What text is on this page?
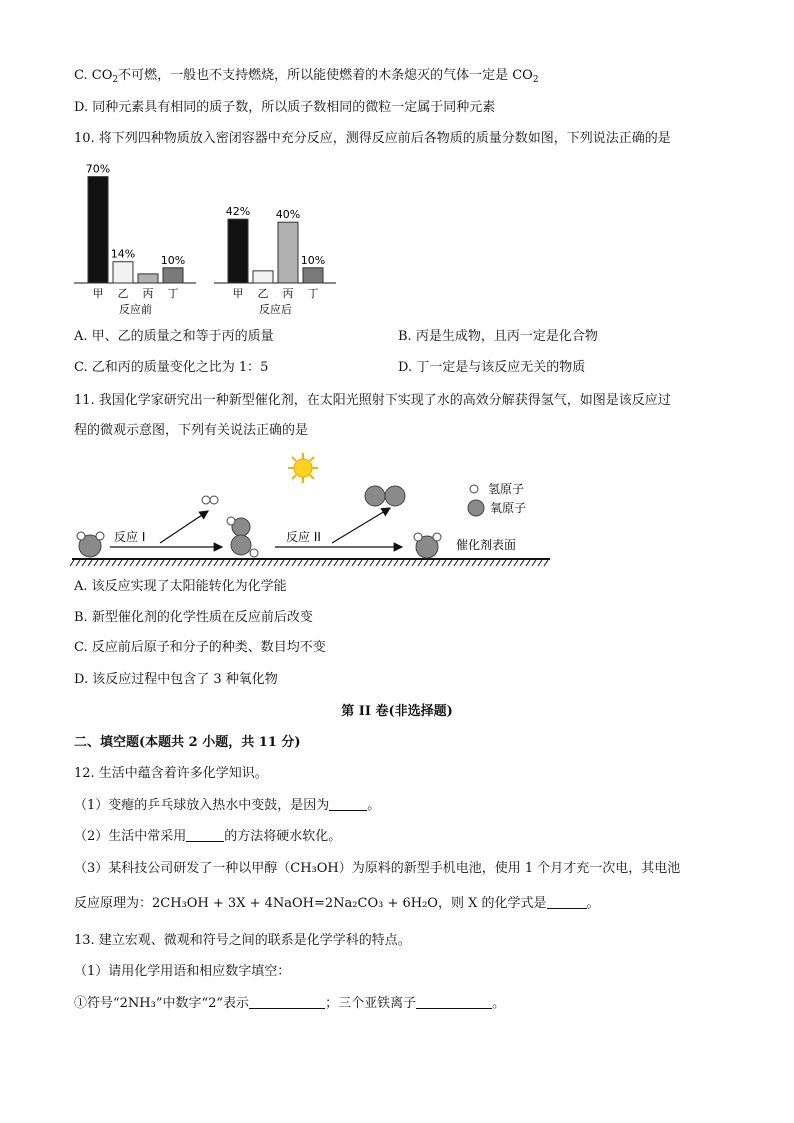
C. $CO_2$不可燃，一般也不支持燃烧，所以能使燃着的木条熄灭的气体一定是 $CO_2$
D. 同种元素具有相同的质子数，所以质子数相同的微粒一定属于同种元素
10. 将下列四种物质放入密闭容器中充分反应，测得反应前后各物质的质量分数如图，下列说法正确的是
70%
甲
14%
乙 丙
10%
丁
反应前
42%
甲 乙
40%
丙
10%
丁
反应后
A. 甲、乙的质量之和等于丙的质量	B. 丙是生成物，且丙一定是化合物
C. 乙和丙的质量变化之比为 1：5	D. 丁一定是与该反应无关的物质
11. 我国化学家研究出一种新型催化剂，在太阳光照射下实现了水的高效分解获得氢气，如图是该反应过
程的微观示意图，下列有关说法正确的是
反应 I	反应 II
催化剂表面
氢原子
氧原子
A. 该反应实现了太阳能转化为化学能
B. 新型催化剂的化学性质在反应前后改变
C. 反应前后原子和分子的种类、数目均不变
D. 该反应过程中包含了 3 种氧化物
第 II 卷(非选择题)
二、填空题(本题共 2 小题，共 11 分)
12. 生活中蕴含着许多化学知识。
（1）变瘪的乒乓球放入热水中变鼓，是因为	。
（2）生活中常采用	的方法将硬水软化。
（3）某科技公司研发了一种以甲醇（CH₃OH）为原料的新型手机电池，使用 1 个月才充一次电，其电池
反应原理为：2CH₃OH + 3X + 4NaOH=2Na₂CO₃ + 6H₂O，则 X 的化学式是	。
13. 建立宏观、微观和符号之间的联系是化学学科的特点。
（1）请用化学用语和相应数字填空：
①符号“2NH₃”中数字“2”表示	；三个亚铁离子	。
